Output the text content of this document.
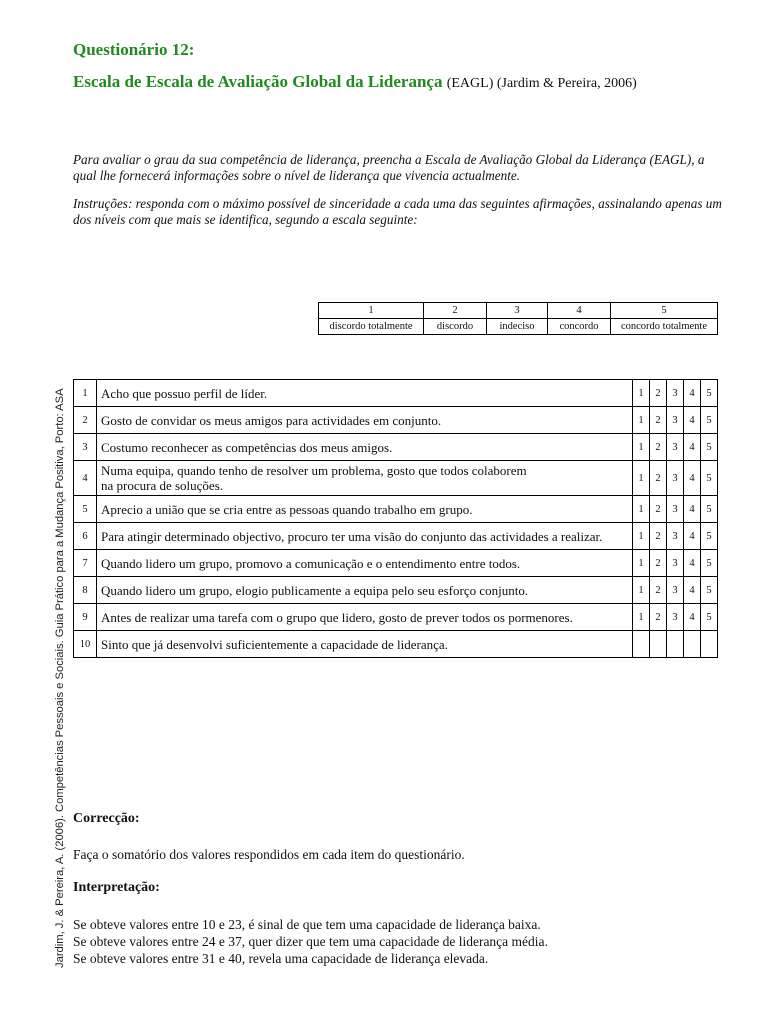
Questionário 12:
Escala de Escala de Avaliação Global da Liderança (EAGL) (Jardim & Pereira, 2006)
Para avaliar o grau da sua competência de liderança, preencha a Escala de Avaliação Global da Liderança (EAGL), a qual lhe fornecerá informações sobre o nível de liderança que vivencia actualmente.
Instruções: responda com o máximo possível de sinceridade a cada uma das seguintes afirmações, assinalando apenas um dos níveis com que mais se identifica, segundo a escala seguinte:
1	2	3	4	5
discordo totalmente	discordo	indeciso	concordo	concordo totalmente
1	Acho que possuo perfil de líder.	1	2	3	4	5
2	Gosto de convidar os meus amigos para actividades em conjunto.	1	2	3	4	5
3	Costumo reconhecer as competências dos meus amigos.	1	2	3	4	5
4	Numa equipa, quando tenho de resolver um problema, gosto que todos colaborem
na procura de soluções.	1	2	3	4	5
5	Aprecio a união que se cria entre as pessoas quando trabalho em grupo.	1	2	3	4	5
6	Para atingir determinado objectivo, procuro ter uma visão do conjunto das actividades a realizar.	1	2	3	4	5
7	Quando lidero um grupo, promovo a comunicação e o entendimento entre todos.	1	2	3	4	5
8	Quando lidero um grupo, elogio publicamente a equipa pelo seu esforço conjunto.	1	2	3	4	5
9	Antes de realizar uma tarefa com o grupo que lidero, gosto de prever todos os pormenores.	1	2	3	4	5
10	Sinto que já desenvolvi suficientemente a capacidade de liderança.					
Jardim, J. & Pereira, A. (2006). Competências Pessoais e Sociais. Guia Prático para a Mudança Positiva, Porto: ASA Correcção:
Faça o somatório dos valores respondidos em cada item do questionário.
Interpretação:
Se obteve valores entre 10 e 23, é sinal de que tem uma capacidade de liderança baixa.
Se obteve valores entre 24 e 37, quer dizer que tem uma capacidade de liderança média.
Se obteve valores entre 31 e 40, revela uma capacidade de liderança elevada.
